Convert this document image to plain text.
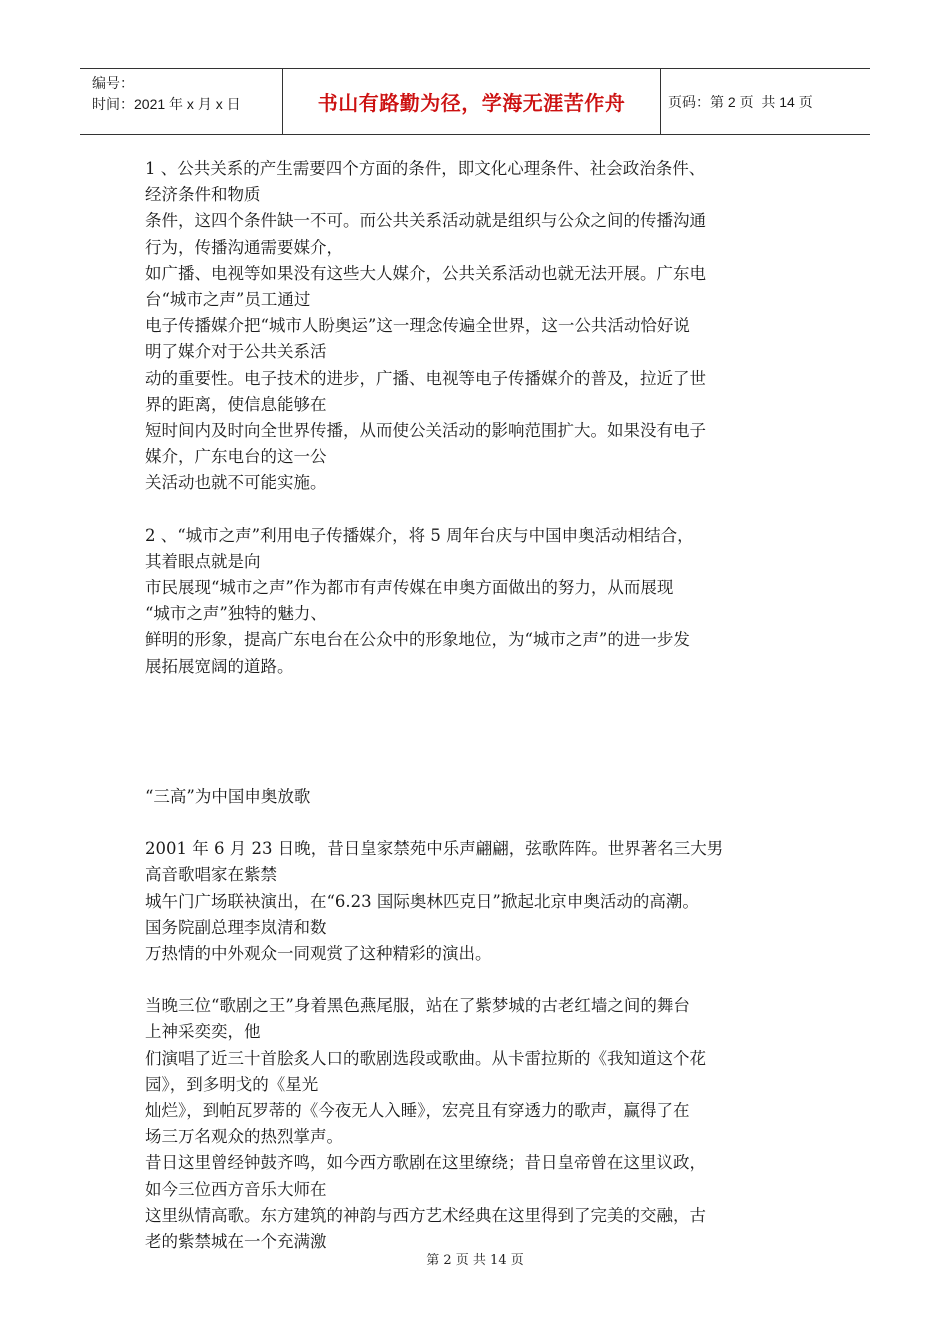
编号：
时间：2021 年 x 月 x 日	书山有路勤为径，学海无涯苦作舟	页码：第 2 页  共 14 页
1 、公共关系的产生需要四个方面的条件，即文化心理条件、社会政治条件、
经济条件和物质
条件，这四个条件缺一不可。而公共关系活动就是组织与公众之间的传播沟通
行为，传播沟通需要媒介，
如广播、电视等如果没有这些大人媒介，公共关系活动也就无法开展。广东电
台“城市之声”员工通过
电子传播媒介把“城市人盼奥运”这一理念传遍全世界，这一公共活动恰好说
明了媒介对于公共关系活
动的重要性。电子技术的进步，广播、电视等电子传播媒介的普及，拉近了世
界的距离，使信息能够在
短时间内及时向全世界传播，从而使公关活动的影响范围扩大。如果没有电子
媒介，广东电台的这一公
关活动也就不可能实施。
2 、“城市之声”利用电子传播媒介，将 5 周年台庆与中国申奥活动相结合，
其着眼点就是向
市民展现“城市之声”作为都市有声传媒在申奥方面做出的努力，从而展现
“城市之声”独特的魅力、
鲜明的形象，提高广东电台在公众中的形象地位，为“城市之声”的进一步发
展拓展宽阔的道路。
“三高”为中国申奥放歌
2001 年 6 月 23 日晚，昔日皇家禁苑中乐声翩翩，弦歌阵阵。世界著名三大男
高音歌唱家在紫禁
城午门广场联袂演出，在“6.23 国际奥林匹克日”掀起北京申奥活动的高潮。
国务院副总理李岚清和数
万热情的中外观众一同观赏了这种精彩的演出。
当晚三位“歌剧之王”身着黑色燕尾服，站在了紫梦城的古老红墙之间的舞台
上神采奕奕，他
们演唱了近三十首脍炙人口的歌剧选段或歌曲。从卡雷拉斯的《我知道这个花
园》，到多明戈的《星光
灿烂》，到帕瓦罗蒂的《今夜无人入睡》，宏亮且有穿透力的歌声，赢得了在
场三万名观众的热烈掌声。
昔日这里曾经钟鼓齐鸣，如今西方歌剧在这里缭绕；昔日皇帝曾在这里议政，
如今三位西方音乐大师在
这里纵情高歌。东方建筑的神韵与西方艺术经典在这里得到了完美的交融，古
老的紫禁城在一个充满激
第 2 页 共 14 页
